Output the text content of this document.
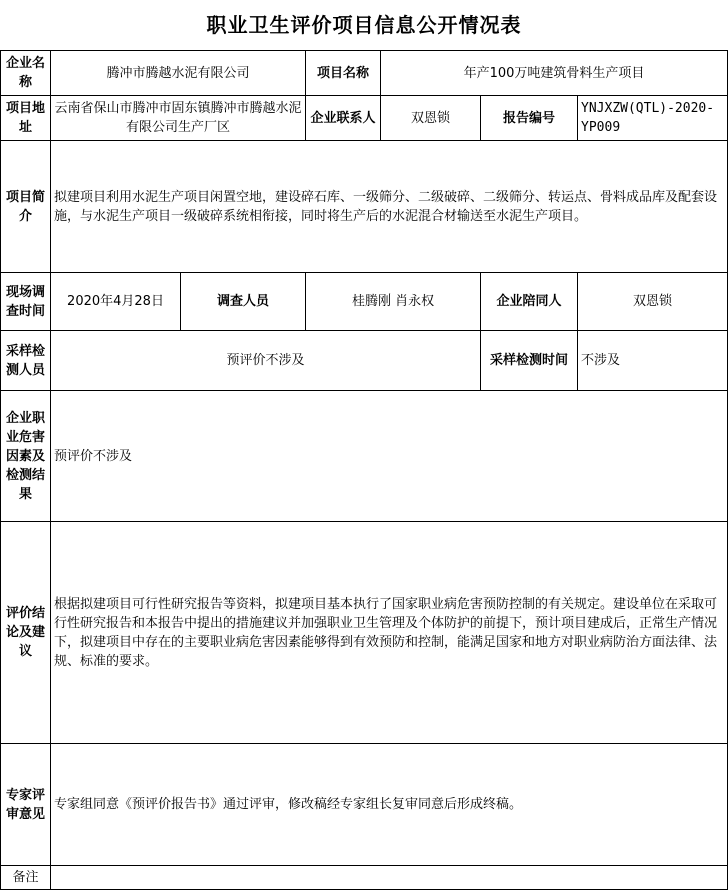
职业卫生评价项目信息公开情况表
企业名称	腾冲市腾越水泥有限公司		项目名称	年产100万吨建筑骨料生产项目		
项目地址	云南省保山市腾冲市固东镇腾冲市腾越水泥有限公司生产厂区		企业联系人	双恩锁	报告编号	YNJXZW(QTL)-2020-YP009
项目简介	拟建项目利用水泥生产项目闲置空地，建设碎石库、一级筛分、二级破碎、二级筛分、转运点、骨料成品库及配套设施，与水泥生产项目一级破碎系统相衔接，同时将生产后的水泥混合材输送至水泥生产项目。					
现场调查时间	2020年4月28日	调查人员	桂腾刚 肖永权		企业陪同人	双恩锁
采样检测人员	预评价不涉及				采样检测时间	不涉及
企业职业危害因素及检测结果	预评价不涉及					
评价结论及建议	根据拟建项目可行性研究报告等资料，拟建项目基本执行了国家职业病危害预防控制的有关规定。建设单位在采取可行性研究报告和本报告中提出的措施建议并加强职业卫生管理及个体防护的前提下，预计项目建成后，正常生产情况下，拟建项目中存在的主要职业病危害因素能够得到有效预防和控制，能满足国家和地方对职业病防治方面法律、法规、标准的要求。					
专家评审意见	专家组同意《预评价报告书》通过评审，修改稿经专家组长复审同意后形成终稿。					
备注						
